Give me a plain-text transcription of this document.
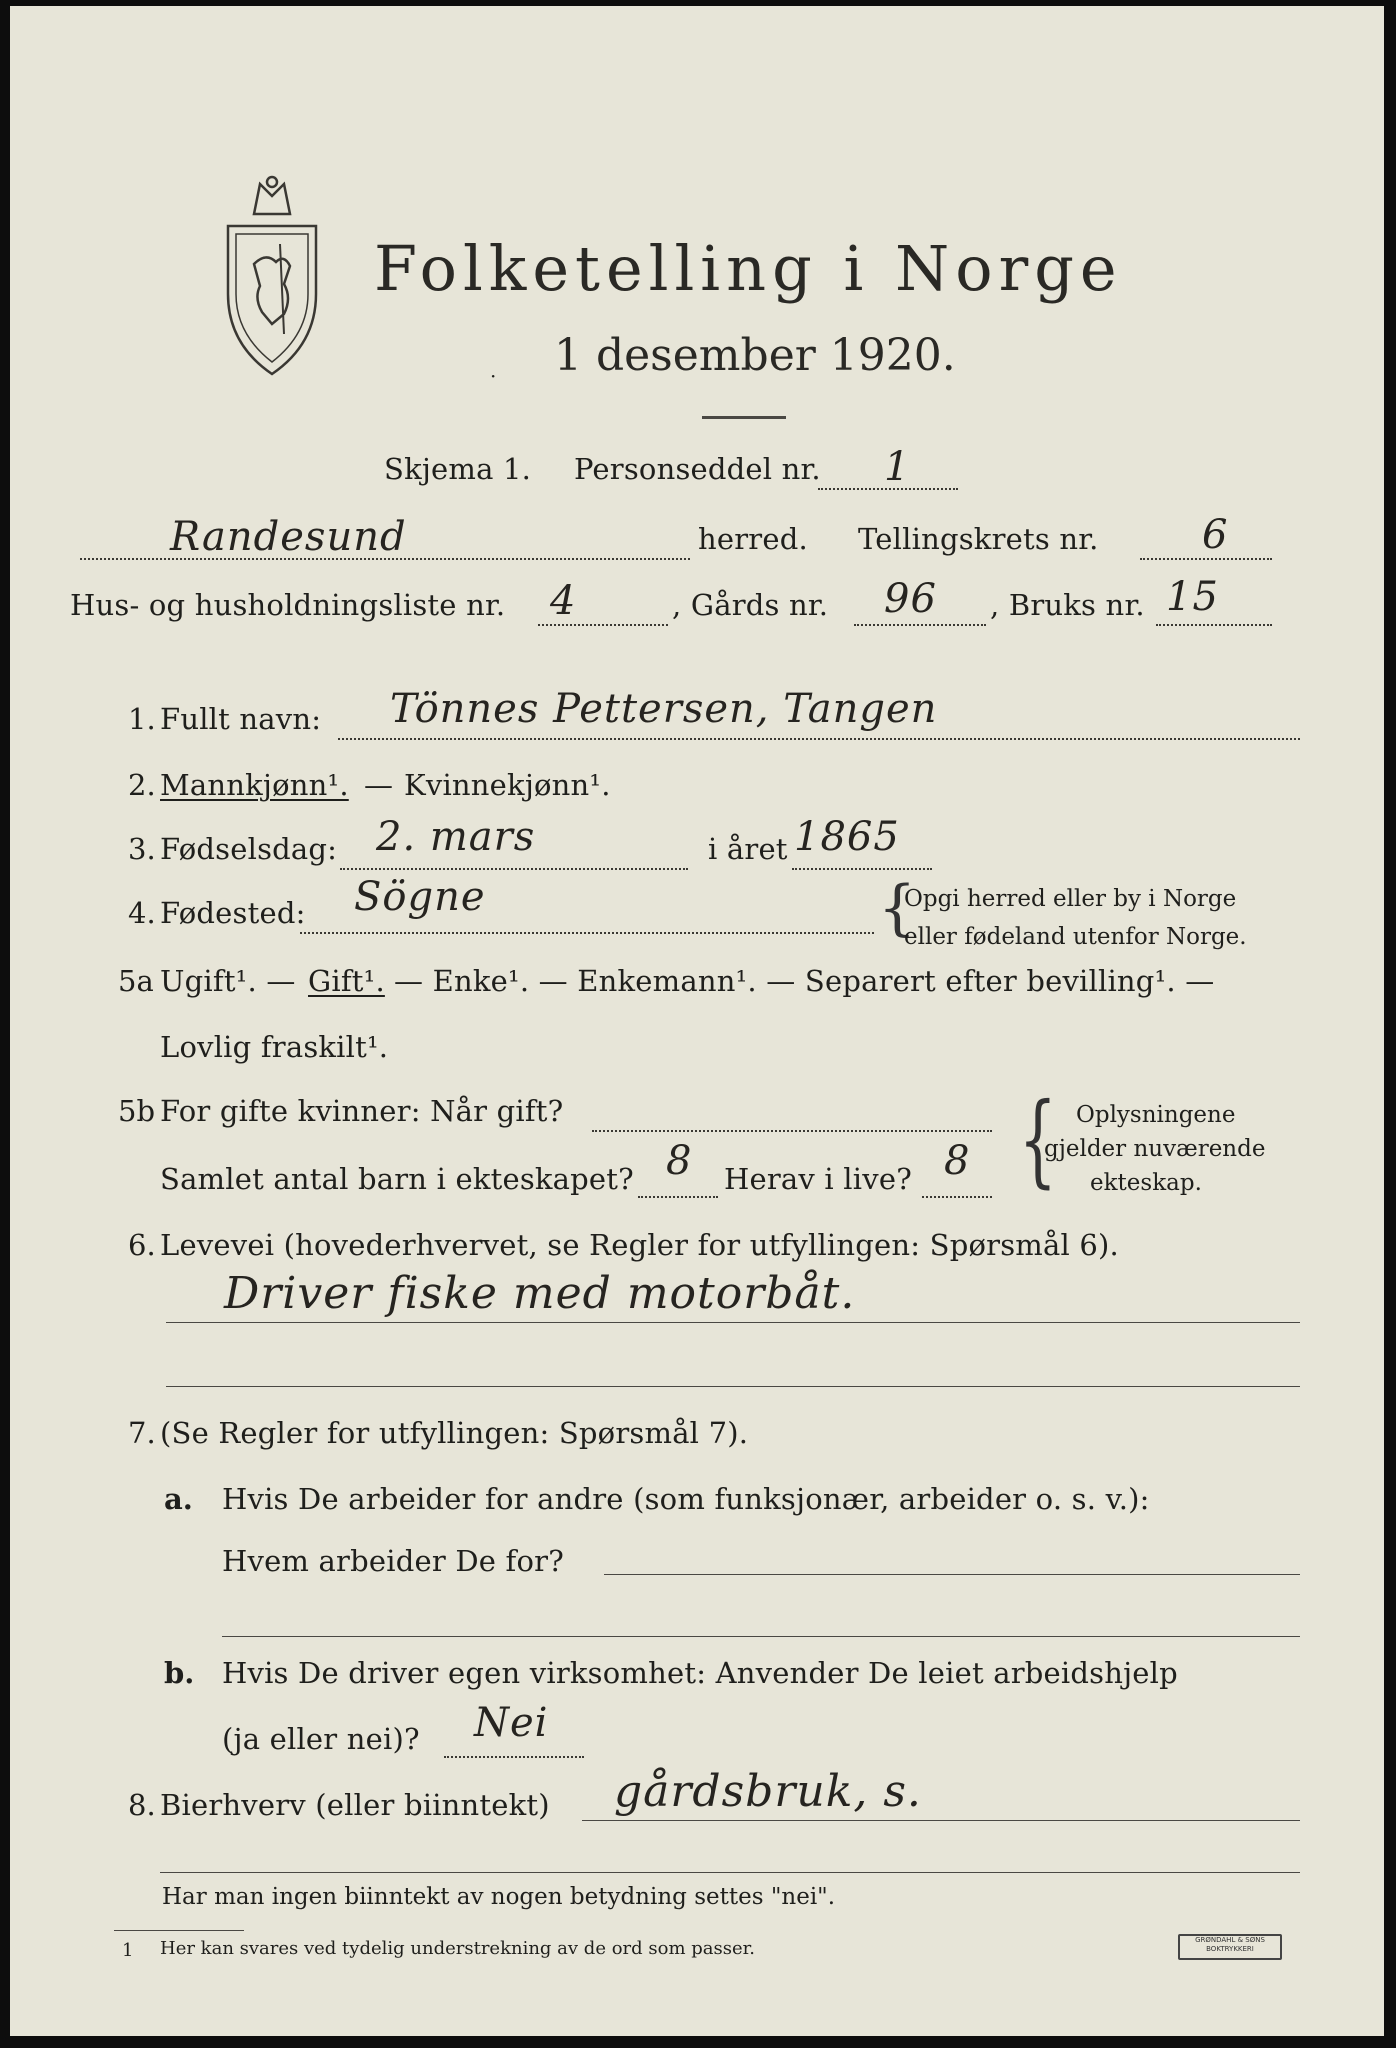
Folketelling i Norge
1 desember 1920.
·
Skjema 1. Personseddel nr. 1
Randesund	herred. Tellingskrets nr.	6
Hus- og husholdningsliste nr. 4	, Gårds nr. 96 , Bruks nr. 15
1. Fullt navn: Tönnes Pettersen, Tangen
2. Mannkjønn¹. — Kvinnekjønn¹.
3. Fødselsdag: 2. mars	i året 1865
4. Fødested: Sögne	{
Opgi herred eller by i Norge
eller fødeland utenfor Norge.
5a Ugift¹. — Gift¹. — Enke¹. — Enkemann¹. — Separert efter bevilling¹. —
Lovlig fraskilt¹.
5b For gifte kvinner: Når gift?
Samlet antal barn i ekteskapet? 8 Herav i live? 8 { Oplysningene
gjelder nuværende
ekteskap.
6. Levevei (hovederhvervet, se Regler for utfyllingen: Spørsmål 6).
Driver fiske med motorbåt.
7. (Se Regler for utfyllingen: Spørsmål 7).
a. Hvis De arbeider for andre (som funksjonær, arbeider o. s. v.):
Hvem arbeider De for?
b. Hvis De driver egen virksomhet: Anvender De leiet arbeidshjelp
(ja eller nei)? Nei
8. Bierhverv (eller biinntekt) gårdsbruk, s.
Har man ingen biinntekt av nogen betydning settes "nei".
1 Her kan svares ved tydelig understrekning av de ord som passer.	GRØNDAHL & SØNS BOKTRYKKERI
